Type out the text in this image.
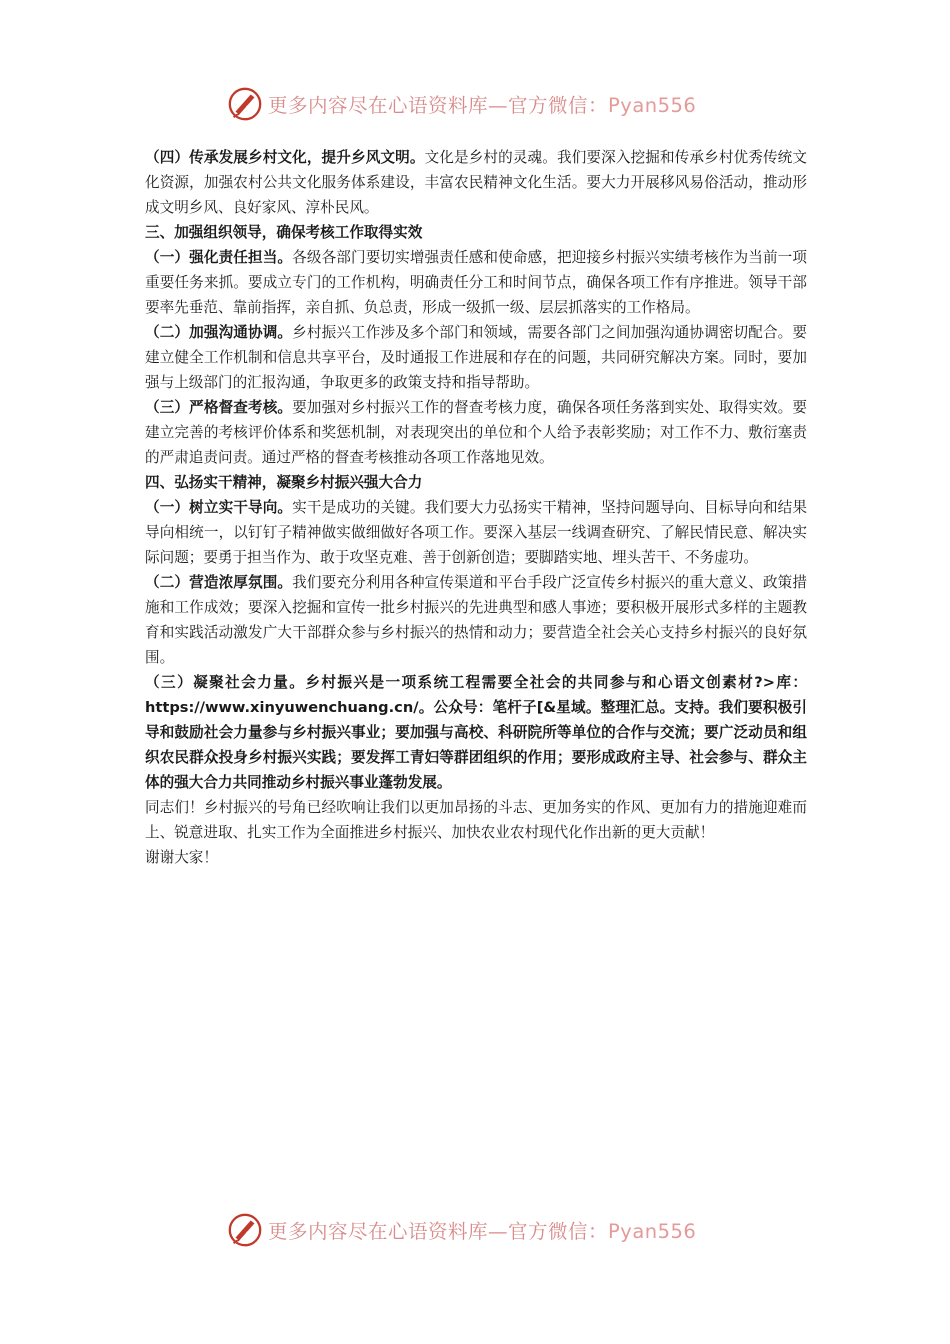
更多内容尽在心语资料库—官方微信：Pyan556

（四）传承发展乡村文化，提升乡风文明。文化是乡村的灵魂。我们要深入挖掘和传承乡村优秀传统文化资源，加强农村公共文化服务体系建设，丰富农民精神文化生活。要大力开展移风易俗活动，推动形成文明乡风、良好家风、淳朴民风。

三、加强组织领导，确保考核工作取得实效

（一）强化责任担当。各级各部门要切实增强责任感和使命感，把迎接乡村振兴实绩考核作为当前一项重要任务来抓。要成立专门的工作机构，明确责任分工和时间节点，确保各项工作有序推进。领导干部要率先垂范、靠前指挥，亲自抓、负总责，形成一级抓一级、层层抓落实的工作格局。

（二）加强沟通协调。乡村振兴工作涉及多个部门和领域，需要各部门之间加强沟通协调密切配合。要建立健全工作机制和信息共享平台，及时通报工作进展和存在的问题，共同研究解决方案。同时，要加强与上级部门的汇报沟通，争取更多的政策支持和指导帮助。

（三）严格督查考核。要加强对乡村振兴工作的督查考核力度，确保各项任务落到实处、取得实效。要建立完善的考核评价体系和奖惩机制，对表现突出的单位和个人给予表彰奖励；对工作不力、敷衍塞责的严肃追责问责。通过严格的督查考核推动各项工作落地见效。

四、弘扬实干精神，凝聚乡村振兴强大合力

（一）树立实干导向。实干是成功的关键。我们要大力弘扬实干精神，坚持问题导向、目标导向和结果导向相统一，以钉钉子精神做实做细做好各项工作。要深入基层一线调查研究、了解民情民意、解决实际问题；要勇于担当作为、敢于攻坚克难、善于创新创造；要脚踏实地、埋头苦干、不务虚功。

（二）营造浓厚氛围。我们要充分利用各种宣传渠道和平台手段广泛宣传乡村振兴的重大意义、政策措施和工作成效；要深入挖掘和宣传一批乡村振兴的先进典型和感人事迹；要积极开展形式多样的主题教育和实践活动激发广大干部群众参与乡村振兴的热情和动力；要营造全社会关心支持乡村振兴的良好氛围。

（三）凝聚社会力量。乡村振兴是一项系统工程需要全社会的共同参与和心语文创素材?>库：https://www.xinyuwenchuang.cn/。公众号：笔杆子[&星域。整理汇总。支持。我们要积极引导和鼓励社会力量参与乡村振兴事业；要加强与高校、科研院所等单位的合作与交流；要广泛动员和组织农民群众投身乡村振兴实践；要发挥工青妇等群团组织的作用；要形成政府主导、社会参与、群众主体的强大合力共同推动乡村振兴事业蓬勃发展。

同志们！乡村振兴的号角已经吹响让我们以更加昂扬的斗志、更加务实的作风、更加有力的措施迎难而上、锐意进取、扎实工作为全面推进乡村振兴、加快农业农村现代化作出新的更大贡献！

谢谢大家！

更多内容尽在心语资料库—官方微信：Pyan556
